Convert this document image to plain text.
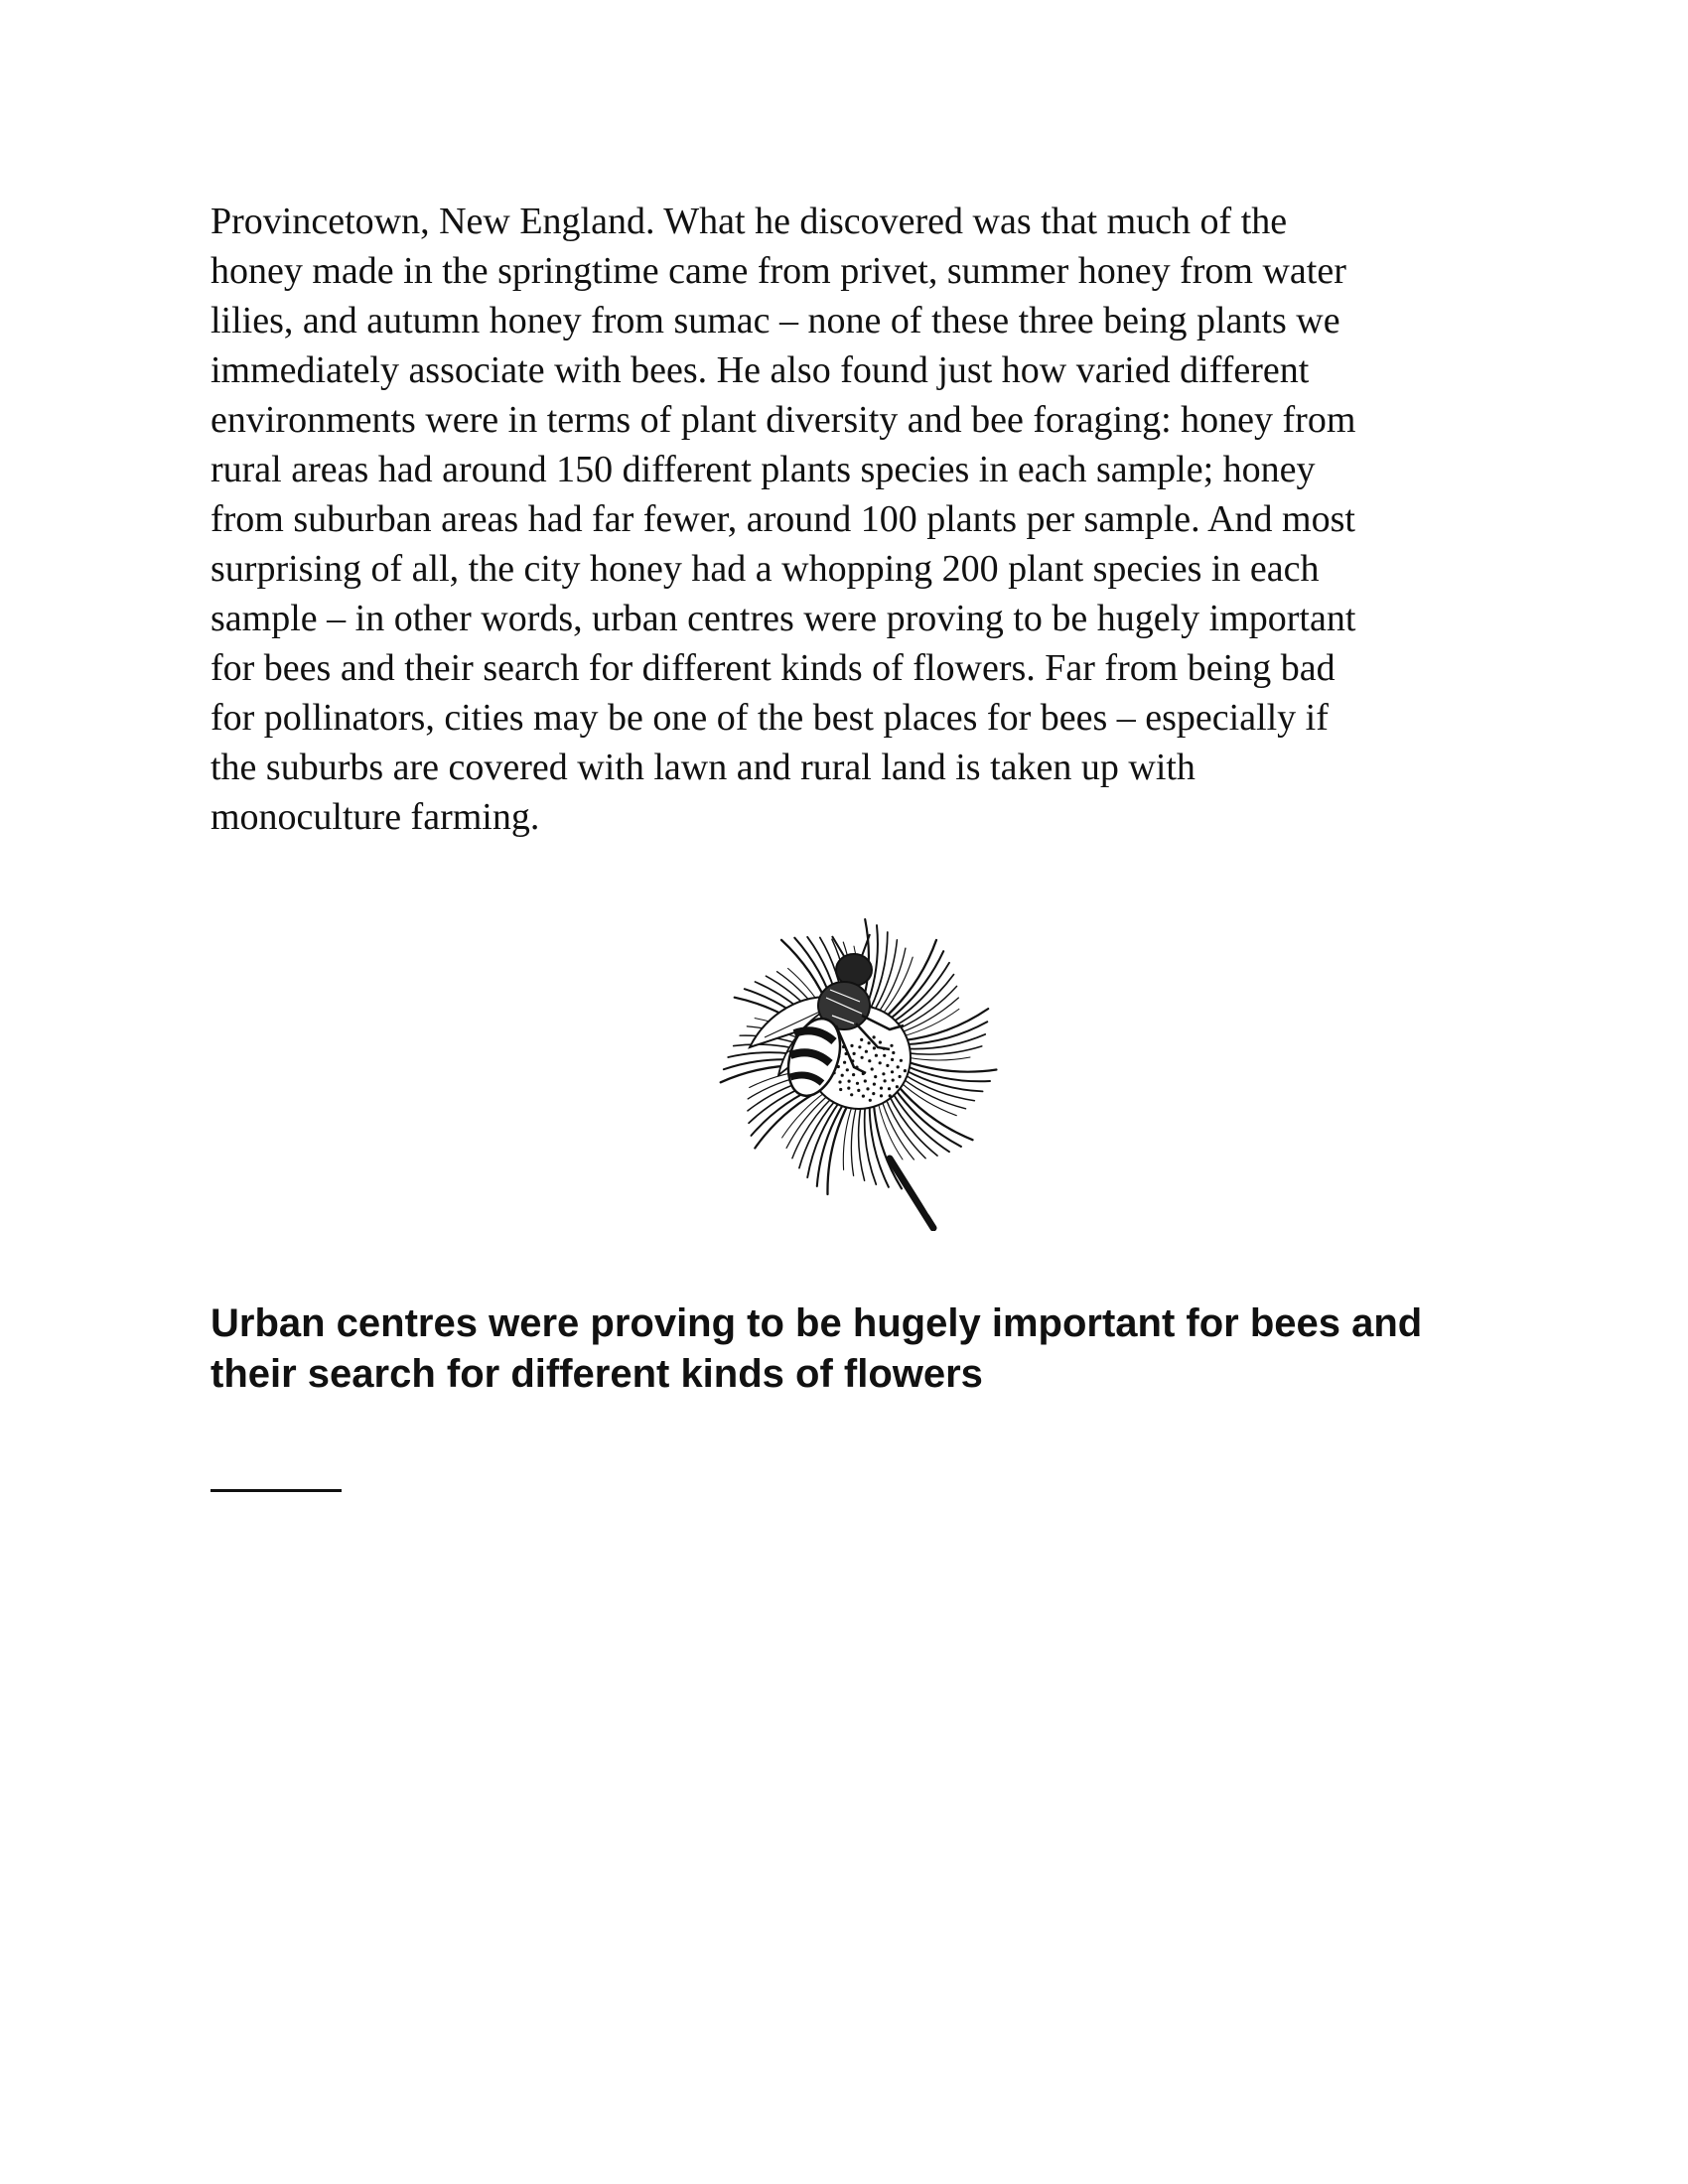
Provincetown, New England. What he discovered was that much of the
honey made in the springtime came from privet, summer honey from water
lilies, and autumn honey from sumac – none of these three being plants we
immediately associate with bees. He also found just how varied different
environments were in terms of plant diversity and bee foraging: honey from
rural areas had around 150 different plants species in each sample; honey
from suburban areas had far fewer, around 100 plants per sample. And most
surprising of all, the city honey had a whopping 200 plant species in each
sample – in other words, urban centres were proving to be hugely important
for bees and their search for different kinds of flowers. Far from being bad
for pollinators, cities may be one of the best places for bees – especially if
the suburbs are covered with lawn and rural land is taken up with
monoculture farming.

Urban centres were proving to be hugely important for bees and
their search for different kinds of flowers
